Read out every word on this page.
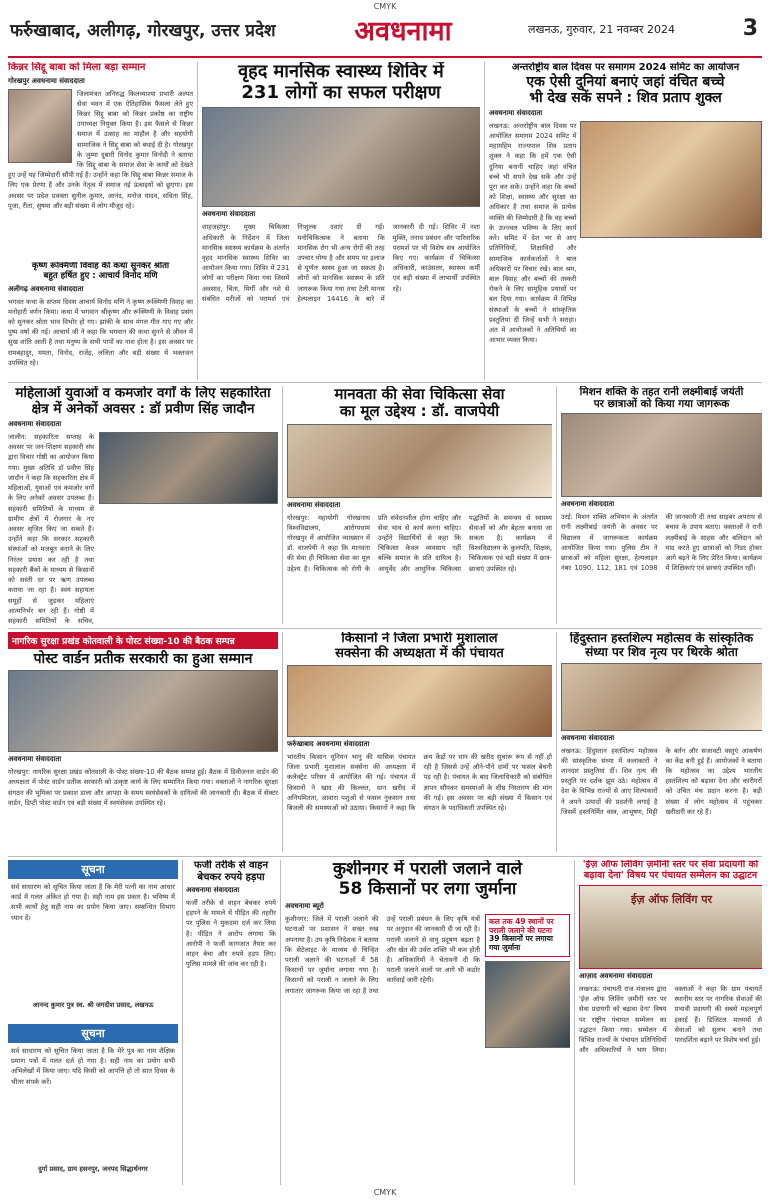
CMYK
फर्रुखाबाद, अलीगढ़, गोरखपुर, उत्तर प्रदेश	अवधनामा	लखनऊ, गुरुवार, 21 नवम्बर 2024	3
किन्नर सिद्दू बाबा को मिला बड़ा सम्मान
गोरखपुर अवधनामा संवाददाता
जिलामंत्रत अनिरुद्ध किलव्याश्या प्रभारी अल्पत सेवा भवन में एक ऐतिहासिक फैसला लेते हुए किन्नर सिद्दू बाबा को किन्नर प्रकोष्ठ का राष्ट्रीय उपाध्यक्ष नियुक्त किया है। इस फैसले से किन्नर समाज में उत्साह का माहौल है और सहयोगी सामाजिक ने सिद्दू बाबा को बधाई दी है। गोरखपुर के जुम्मा दुबारी विनोद कुमार विनोदी ने बताया कि सिद्दू बाबा के समाज सेवा के कार्यों को देखते हुए उन्हें यह जिम्मेदारी सौंपी गई है। उन्होंने कहा कि सिद्दू बाबा किन्नर समाज के लिए एक प्रेरणा हैं और उनके नेतृत्व में समाज नई ऊंचाइयों को छुएगा। इस अवसर पर प्रदेश प्रवक्ता सुनील कुमार, आनंद, मनोज यादव, सविता सिंह, पूजा, रीता, सुषमा और बड़ी संख्या में लोग मौजूद रहे।
कृष्ण रूक्मिणी विवाह की कथा सुनकर श्रोता
बहुत हर्षित हुए : आचार्य विनोद मणि
अलीगढ़ अवधनामा संवाददाता
भगवत कथा के सप्तम दिवस आचार्य विनोद मणि ने कृष्ण रूक्मिणी विवाह का मनोहारी वर्णन किया। कथा में भगवान श्रीकृष्ण और रूक्मिणी के विवाह प्रसंग को सुनकर श्रोता भाव विभोर हो गए। झांकी के साथ मंगल गीत गाए गए और पुष्प वर्षा की गई। आचार्य जी ने कहा कि भगवान की कथा सुनने से जीवन में सुख शांति आती है तथा मनुष्य के सभी पापों का नाश होता है। इस अवसर पर रामबहादुर, ममता, विनोद, राजेंद्र, ललिता और बड़ी संख्या में भक्तजन उपस्थित रहे।
वृहद मानसिक स्वास्थ्य शिविर में
231 लोगों का सफल परीक्षण
अवधनामा संवाददाता
शाहजहांपुर: मुख्य चिकित्सा अधिकारी के निर्देशन में जिला मानसिक स्वास्थ्य कार्यक्रम के अंतर्गत वृहद मानसिक स्वास्थ्य शिविर का आयोजन किया गया। शिविर में 231 लोगों का परीक्षण किया गया जिसमें अवसाद, चिंता, मिर्गी और नशे से संबंधित मरीजों को परामर्श एवं निःशुल्क दवाएं दी गईं। मनोचिकित्सक ने बताया कि मानसिक रोग भी अन्य रोगों की तरह उपचार योग्य है और समय पर इलाज से पूर्णतः स्वस्थ हुआ जा सकता है। लोगों को मानसिक स्वास्थ्य के प्रति जागरूक किया गया तथा टेली मानस हेल्पलाइन 14416 के बारे में जानकारी दी गई। शिविर में नशा मुक्ति, तनाव प्रबंधन और पारिवारिक परामर्श पर भी विशेष सत्र आयोजित किए गए। कार्यक्रम में चिकित्सा अधिकारी, काउंसलर, स्वास्थ्य कर्मी एवं बड़ी संख्या में लाभार्थी उपस्थित रहे।
अन्तर्राष्ट्रीय बाल दिवस पर समागम 2024 समिट का आयोजन
एक ऐसी दुनियां बनाएं जहां वंचित बच्चे
भी देख सकें सपने : शिव प्रताप शुक्ल
अवधनामा संवाददाता
लखनऊ: अन्तर्राष्ट्रीय बाल दिवस पर आयोजित समागम 2024 समिट में महामहिम राज्यपाल शिव प्रताप शुक्ल ने कहा कि हमें एक ऐसी दुनिया बनानी चाहिए जहां वंचित बच्चे भी सपने देख सकें और उन्हें पूरा कर सकें। उन्होंने कहा कि बच्चों को शिक्षा, स्वास्थ्य और सुरक्षा का अधिकार है तथा समाज के प्रत्येक व्यक्ति की जिम्मेदारी है कि वह बच्चों के उज्ज्वल भविष्य के लिए कार्य करे। समिट में देश भर से आए प्रतिनिधियों, शिक्षाविदों और सामाजिक कार्यकर्ताओं ने बाल अधिकारों पर विचार रखे। बाल श्रम, बाल विवाह और बच्चों की तस्करी रोकने के लिए सामूहिक प्रयासों पर बल दिया गया। कार्यक्रम में विभिन्न संस्थाओं के बच्चों ने सांस्कृतिक प्रस्तुतियां दीं जिन्हें सभी ने सराहा। अंत में आयोजकों ने अतिथियों का आभार व्यक्त किया।
महिलाओं युवाओं व कमजोर वर्गों के लिए सहकारिता
क्षेत्र में अनेकों अवसर : डॉ प्रवीण सिंह जादौन
अवधनामा संवाददाता
जालौन: सहकारिता सप्ताह के अवसर पर जन-शिक्षण सहकारी संघ द्वारा विचार गोष्ठी का आयोजन किया गया। मुख्य अतिथि डॉ प्रवीण सिंह जादौन ने कहा कि सहकारिता क्षेत्र में महिलाओं, युवाओं एवं कमजोर वर्गों के लिए अनेकों अवसर उपलब्ध हैं। सहकारी समितियों के माध्यम से ग्रामीण क्षेत्रों में रोजगार के नए अवसर सृजित किए जा सकते हैं। उन्होंने कहा कि सरकार सहकारी संस्थाओं को मजबूत बनाने के लिए निरंतर प्रयास कर रही है तथा सहकारी बैंकों के माध्यम से किसानों को सस्ती दर पर ऋण उपलब्ध कराया जा रहा है। स्वयं सहायता समूहों से जुड़कर महिलाएं आत्मनिर्भर बन रही हैं। गोष्ठी में सहकारी समितियों के सचिव,
मानवता की सेवा चिकित्सा सेवा
का मूल उद्देश्य : डॉ. वाजपेयी
अवधनामा संवाददाता
गोरखपुर: महायोगी गोरखनाथ विश्वविद्यालय, आरोग्यधाम गोरखपुर में आयोजित व्याख्यान में डॉ. वाजपेयी ने कहा कि मानवता की सेवा ही चिकित्सा सेवा का मूल उद्देश्य है। चिकित्सक को रोगी के प्रति संवेदनशील होना चाहिए और सेवा भाव से कार्य करना चाहिए। उन्होंने विद्यार्थियों से कहा कि चिकित्सा केवल व्यवसाय नहीं बल्कि समाज के प्रति दायित्व है। आयुर्वेद और आधुनिक चिकित्सा पद्धतियों के समन्वय से स्वास्थ्य सेवाओं को और बेहतर बनाया जा सकता है। कार्यक्रम में विश्वविद्यालय के कुलपति, शिक्षक, चिकित्सक एवं बड़ी संख्या में छात्र-छात्राएं उपस्थित रहे।
मिशन शक्ति के तहत रानी लक्ष्मीबाई जयंती
पर छात्राओं को किया गया जागरूक
अवधनामा संवाददाता
उरई: मिशन शक्ति अभियान के अंतर्गत रानी लक्ष्मीबाई जयंती के अवसर पर विद्यालय में जागरूकता कार्यक्रम आयोजित किया गया। पुलिस टीम ने छात्राओं को महिला सुरक्षा, हेल्पलाइन नंबर 1090, 112, 181 एवं 1098 की जानकारी दी तथा साइबर अपराध से बचाव के उपाय बताए। वक्ताओं ने रानी लक्ष्मीबाई के साहस और बलिदान को याद करते हुए छात्राओं को निडर होकर आगे बढ़ने के लिए प्रेरित किया। कार्यक्रम में शिक्षिकाएं एवं छात्राएं उपस्थित रहीं।
नागरिक सुरक्षा प्रखंड कोतवाली के पोस्ट संख्या-10 की बैठक सम्पन्न
पोस्ट वार्डन प्रतीक सरकारी का हुआ सम्मान
अवधनामा संवाददाता
गोरखपुर: नागरिक सुरक्षा प्रखंड कोतवाली के पोस्ट संख्या-10 की बैठक सम्पन्न हुई। बैठक में डिवीजनल वार्डन की अध्यक्षता में पोस्ट वार्डन प्रतीक सरकारी को उत्कृष्ट कार्य के लिए सम्मानित किया गया। वक्ताओं ने नागरिक सुरक्षा संगठन की भूमिका पर प्रकाश डाला और आपदा के समय स्वयंसेवकों के दायित्वों की जानकारी दी। बैठक में सेक्टर वार्डन, डिप्टी पोस्ट वार्डन एवं बड़ी संख्या में स्वयंसेवक उपस्थित रहे।
किसानों ने जिला प्रभारी मुशालाल
सक्सेना की अध्यक्षता में की पंचायत
फर्रुखाबाद अवधनामा संवाददाता
भारतीय किसान यूनियन भानु की मासिक पंचायत जिला प्रभारी मुशालाल सक्सेना की अध्यक्षता में कलेक्ट्रेट परिसर में आयोजित की गई। पंचायत में किसानों ने खाद की किल्लत, धान खरीद में अनियमितता, आवारा पशुओं से फसल नुकसान तथा बिजली की समस्याओं को उठाया। किसानों ने कहा कि क्रय केंद्रों पर धान की खरीद सुचारू रूप से नहीं हो रही है जिससे उन्हें औने-पौने दामों पर फसल बेचनी पड़ रही है। पंचायत के बाद जिलाधिकारी को संबोधित ज्ञापन सौंपकर समस्याओं के शीघ्र निस्तारण की मांग की गई। इस अवसर पर बड़ी संख्या में किसान एवं संगठन के पदाधिकारी उपस्थित रहे।
हिंदुस्तान हस्तशिल्प महोत्सव के सांस्कृतिक
संध्या पर शिव नृत्य पर थिरके श्रोता
अवधनामा संवाददाता
लखनऊ: हिंदुस्तान हस्तशिल्प महोत्सव की सांस्कृतिक संध्या में कलाकारों ने शानदार प्रस्तुतियां दीं। शिव नृत्य की प्रस्तुति पर दर्शक झूम उठे। महोत्सव में देश के विभिन्न राज्यों से आए शिल्पकारों ने अपने उत्पादों की प्रदर्शनी लगाई है जिसमें हस्तनिर्मित वस्त्र, आभूषण, मिट्टी के बर्तन और सजावटी वस्तुएं आकर्षण का केंद्र बनी हुई हैं। आयोजकों ने बताया कि महोत्सव का उद्देश्य भारतीय हस्तशिल्प को बढ़ावा देना और कारीगरों को उचित मंच प्रदान करना है। बड़ी संख्या में लोग महोत्सव में पहुंचकर खरीदारी कर रहे हैं।
सूचना
सर्व साधारण को सूचित किया जाता है कि मेरी पत्नी का नाम आधार कार्ड में गलत अंकित हो गया है। सही नाम इस प्रकार है। भविष्य में सभी कार्यों हेतु सही नाम का प्रयोग किया जाए। सम्बन्धित विभाग ध्यान दें।
आनन्द कुमार पुत्र स्व. श्री जगदीश प्रसाद, लखनऊ
सूचना
सर्व साधारण को सूचित किया जाता है कि मेरे पुत्र का नाम शैक्षिक प्रमाण पत्रों में गलत दर्ज हो गया है। सही नाम का प्रयोग सभी अभिलेखों में किया जाए। यदि किसी को आपत्ति हो तो सात दिवस के भीतर संपर्क करें।
दुर्गा प्रसाद, ग्राम हसनपुर, जनपद सिद्धार्थनगर
फर्जी तरीके से वाहन
बेचकर रुपये हड़पा
अवधनामा संवाददाता
फर्जी तरीके से वाहन बेचकर रुपये हड़पने के मामले में पीड़ित की तहरीर पर पुलिस ने मुकदमा दर्ज कर लिया है। पीड़ित ने आरोप लगाया कि आरोपी ने फर्जी कागजात तैयार कर वाहन बेचा और रुपये हड़प लिए। पुलिस मामले की जांच कर रही है।
कुशीनगर में पराली जलाने वाले
58 किसानों पर लगा जुर्माना
अवधनामा ब्यूरो
कुशीनगर: जिले में पराली जलाने की घटनाओं पर प्रशासन ने सख्त रुख अपनाया है। उप कृषि निदेशक ने बताया कि सेटेलाइट के माध्यम से चिन्हित पराली जलाने की घटनाओं में 58 किसानों पर जुर्माना लगाया गया है। किसानों को पराली न जलाने के लिए लगातार जागरूक किया जा रहा है तथा उन्हें पराली प्रबंधन के लिए कृषि यंत्रों पर अनुदान की जानकारी दी जा रही है। पराली जलाने से वायु प्रदूषण बढ़ता है और खेत की उर्वरा शक्ति भी कम होती है। अधिकारियों ने चेतावनी दी कि पराली जलाने वालों पर आगे भी कठोर कार्रवाई जारी रहेगी।
कल तक 49 स्थानों पर पराली जलाने की घटना
39 किसानों पर लगाया गया जुर्माना
'ईज़ ऑफ लिविंग ज़मीनी स्तर पर सेवा प्रदायगी को
बढ़ावा देना' विषय पर पंचायत सम्मेलन का उद्घाटन
ईज़ ऑफ लिविंग पर
आज़ाद अवधनामा संवाददाता
लखनऊ: पंचायती राज मंत्रालय द्वारा 'ईज़ ऑफ लिविंग ज़मीनी स्तर पर सेवा प्रदायगी को बढ़ावा देना' विषय पर राष्ट्रीय पंचायत सम्मेलन का उद्घाटन किया गया। सम्मेलन में विभिन्न राज्यों के पंचायत प्रतिनिधियों और अधिकारियों ने भाग लिया। वक्ताओं ने कहा कि ग्राम पंचायतें स्थानीय स्तर पर नागरिक सेवाओं की प्रभावी प्रदायगी की सबसे महत्वपूर्ण इकाई हैं। डिजिटल माध्यमों से सेवाओं को सुलभ बनाने तथा पारदर्शिता बढ़ाने पर विशेष चर्चा हुई।
CMYK
